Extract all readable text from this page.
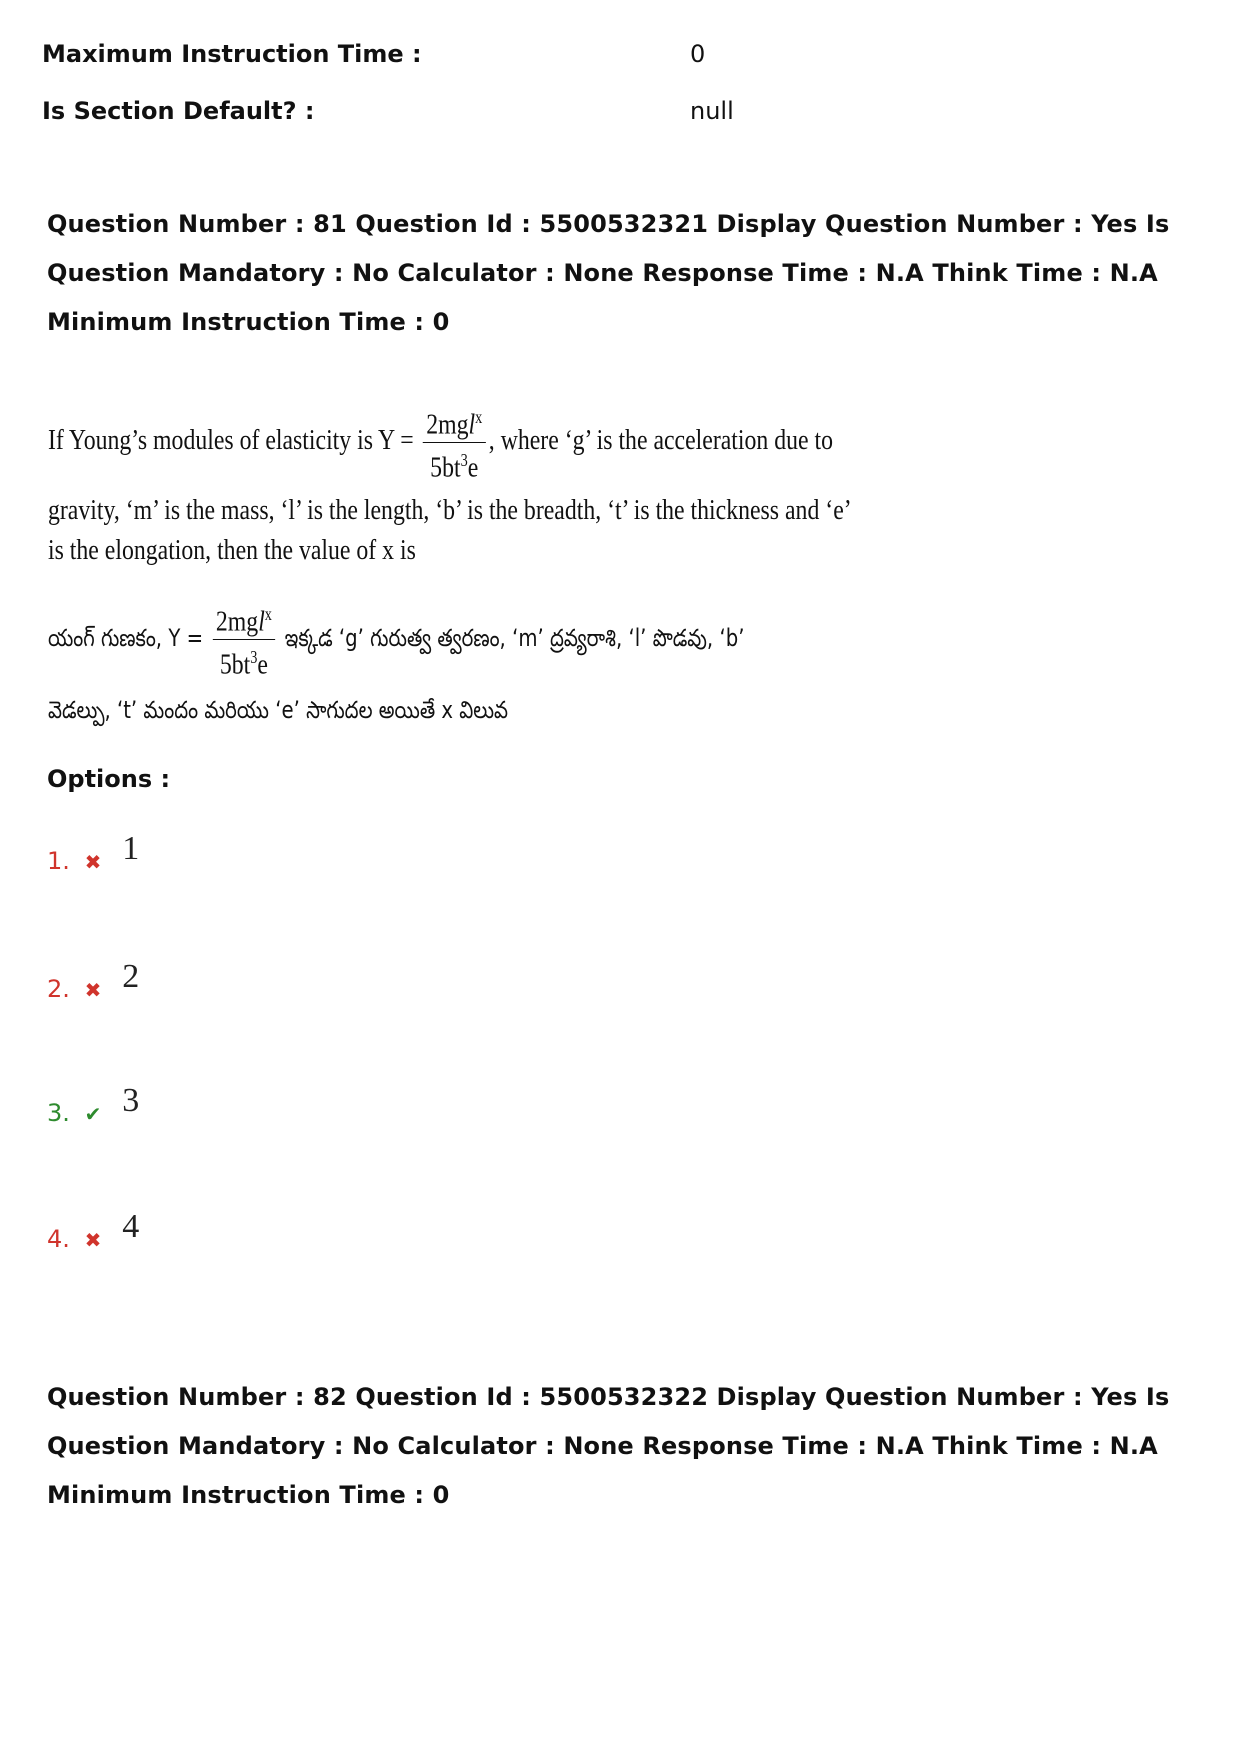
Maximum Instruction Time :	0
Is Section Default? :	null
Question Number : 81 Question Id : 5500532321 Display Question Number : Yes Is Question Mandatory : No Calculator : None Response Time : N.A Think Time : N.A Minimum Instruction Time : 0
If Young’s modules of elasticity is $Y = \frac{2mgl^x}{5bt^3e}$ , where ‘g’ is the acceleration due to
gravity, ‘m’ is the mass, ‘l’ is the length, ‘b’ is the breadth, ‘t’ is the thickness and ‘e’
is the elongation, then the value of x is
యంగ్ గుణకం, $Y = \frac{2mgl^x}{5bt^3e}$ ఇక్కడ ‘g’ గురుత్వ త్వరణం, ‘m’ ద్రవ్యరాశి, ‘l’ పొడవు, ‘b’
వెడల్పు, ‘t’ మందం మరియు ‘e’ సాగుదల అయితే x విలువ
Options :
1. ✖ 1
2. ✖ 2
3. ✔ 3
4. ✖ 4
Question Number : 82 Question Id : 5500532322 Display Question Number : Yes Is Question Mandatory : No Calculator : None Response Time : N.A Think Time : N.A Minimum Instruction Time : 0
